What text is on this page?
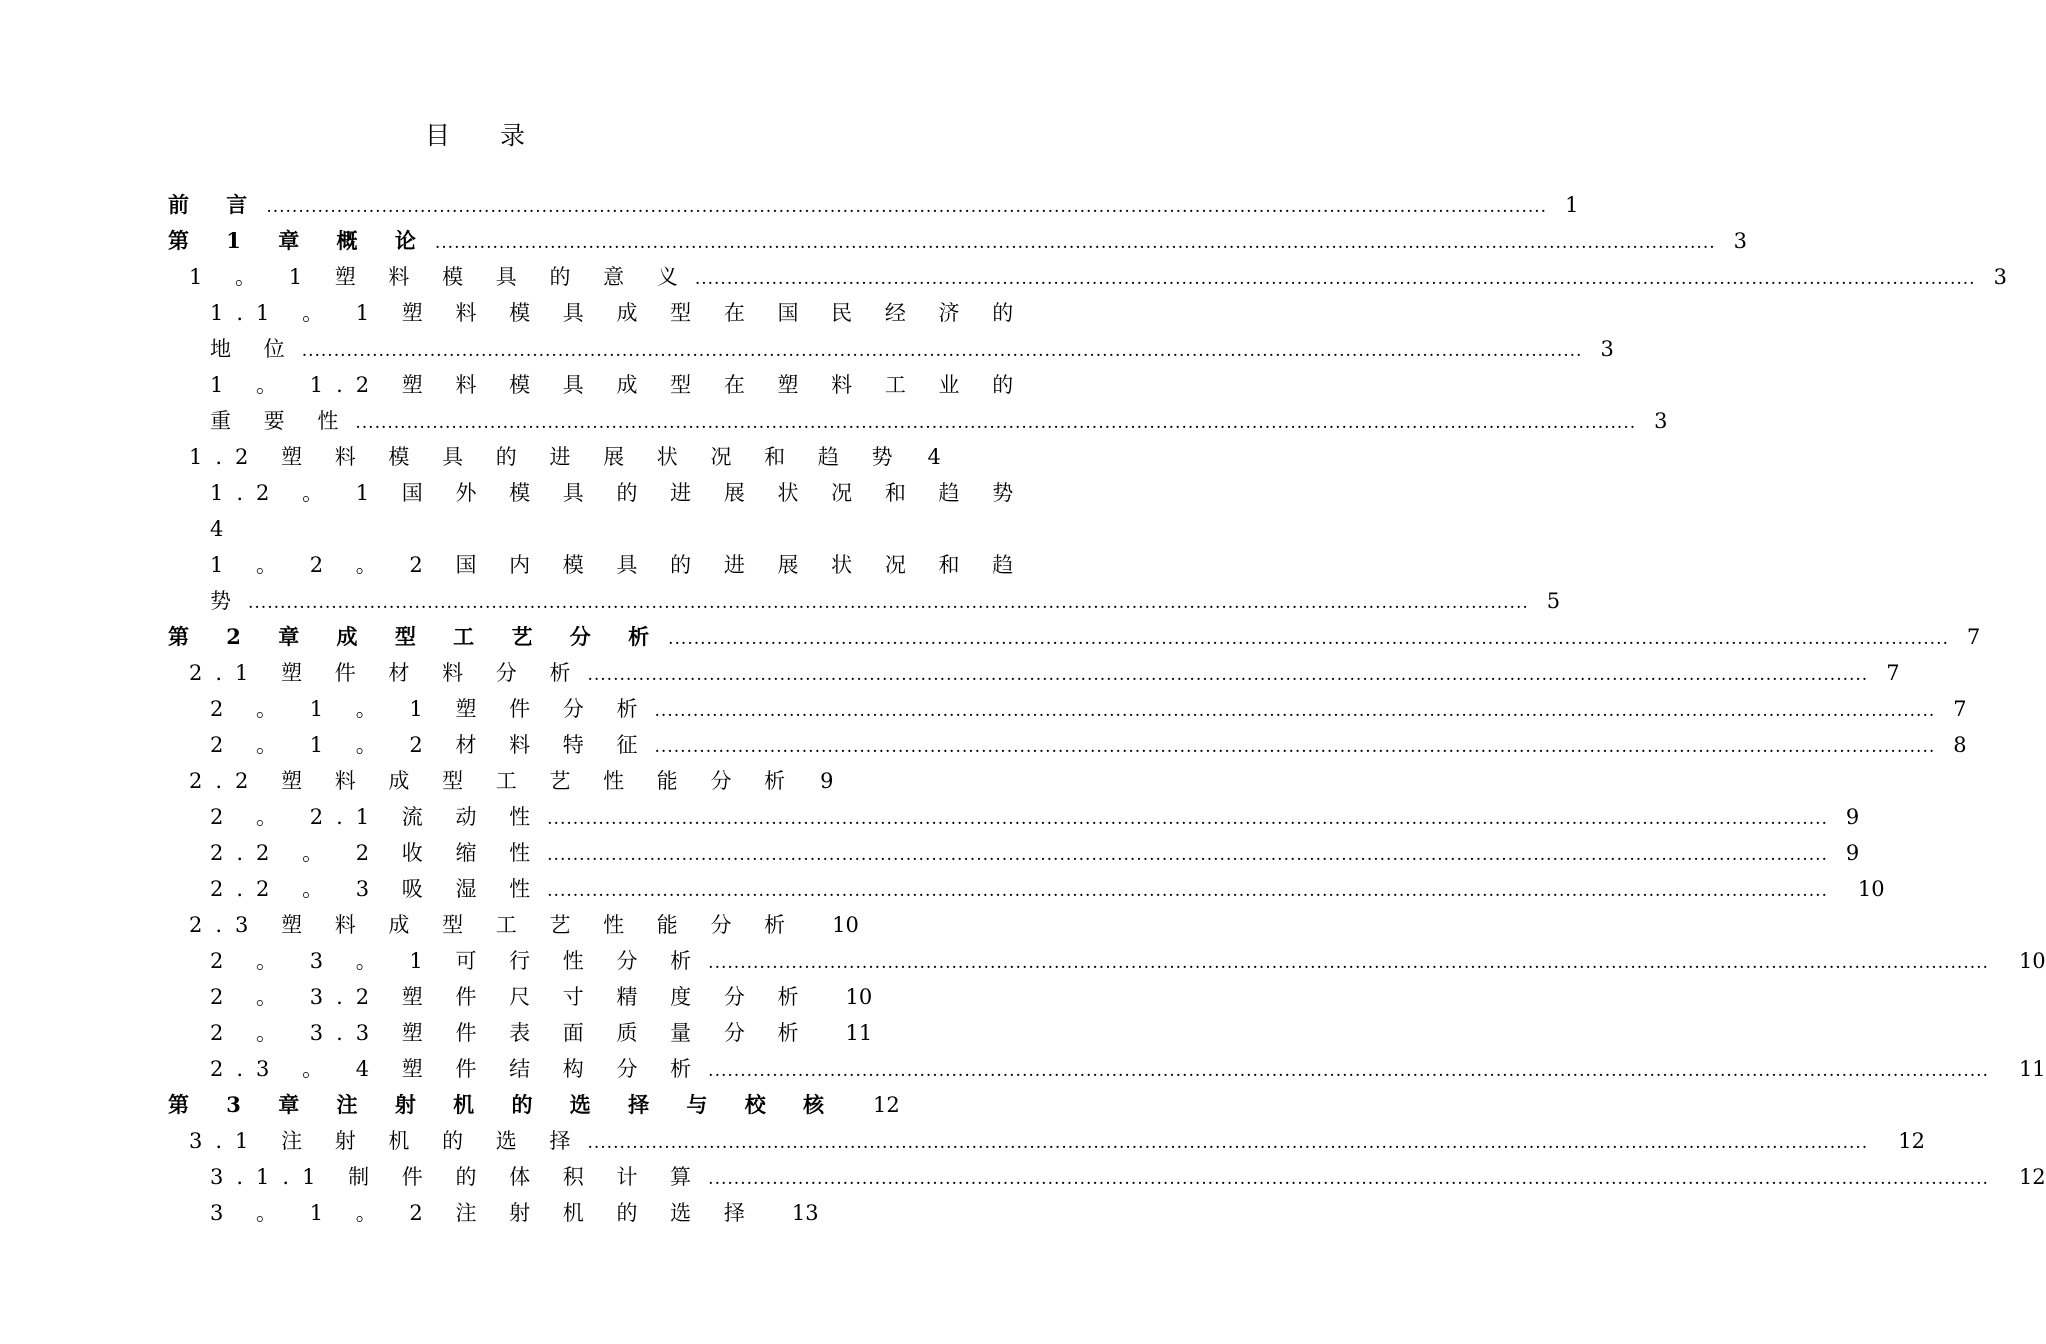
目录
前 言 ........................................................................................................................................................................................................ 1
第 1 章 概 论 ........................................................................................................................................................................................................ 3
1 。 1 塑 料 模 具 的 意 义 ........................................................................................................................................................................................................ 3
1.1 。 1 塑 料 模 具 成 型 在 国 民 经 济 的
地 位 ........................................................................................................................................................................................................ 3
1 。 1.2 塑 料 模 具 成 型 在 塑 料 工 业 的
重 要 性 ........................................................................................................................................................................................................ 3
1.2 塑 料 模 具 的 进 展 状 况 和 趋 势 4
1.2 。 1 国 外 模 具 的 进 展 状 况 和 趋 势
4
1 。 2 。 2 国 内 模 具 的 进 展 状 况 和 趋
势 ........................................................................................................................................................................................................ 5
第 2 章 成 型 工 艺 分 析 ........................................................................................................................................................................................................ 7
2.1 塑 件 材 料 分 析 ........................................................................................................................................................................................................ 7
2 。 1 。 1 塑 件 分 析 ........................................................................................................................................................................................................ 7
2 。 1 。 2 材 料 特 征 ........................................................................................................................................................................................................ 8
2.2 塑 料 成 型 工 艺 性 能 分 析 9
2 。 2.1 流 动 性 ........................................................................................................................................................................................................ 9
2.2 。 2 收 缩 性 ........................................................................................................................................................................................................ 9
2.2 。 3 吸 湿 性 ........................................................................................................................................................................................................ 10
2.3 塑 料 成 型 工 艺 性 能 分 析 10
2 。 3 。 1 可 行 性 分 析 ........................................................................................................................................................................................................ 10
2 。 3.2 塑 件 尺 寸 精 度 分 析 10
2 。 3.3 塑 件 表 面 质 量 分 析 11
2.3 。 4 塑 件 结 构 分 析 ........................................................................................................................................................................................................ 11
第 3 章 注 射 机 的 选 择 与 校 核 12
3.1 注 射 机 的 选 择 ........................................................................................................................................................................................................ 12
3.1.1 制 件 的 体 积 计 算 ........................................................................................................................................................................................................ 12
3 。 1 。 2 注 射 机 的 选 择 13
